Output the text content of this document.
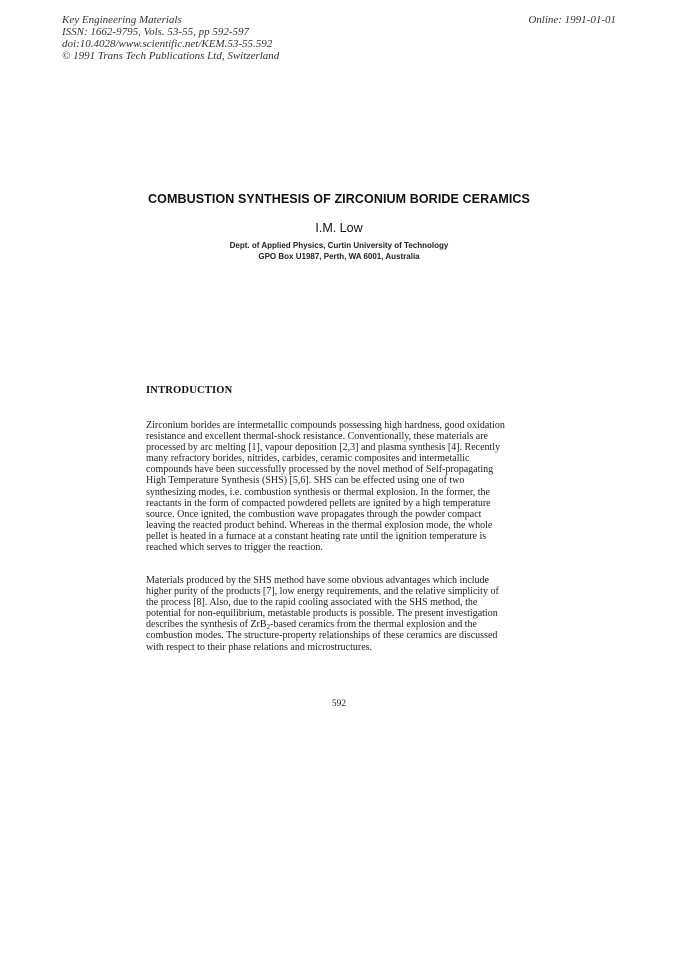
Key Engineering Materials
ISSN: 1662-9795, Vols. 53-55, pp 592-597
doi:10.4028/www.scientific.net/KEM.53-55.592
© 1991 Trans Tech Publications Ltd, Switzerland
Online: 1991-01-01
COMBUSTION SYNTHESIS OF ZIRCONIUM BORIDE CERAMICS
I.M. Low
Dept. of Applied Physics, Curtin University of Technology
GPO Box U1987, Perth, WA 6001, Australia
INTRODUCTION
Zirconium borides are intermetallic compounds possessing high hardness, good oxidation
resistance and excellent thermal-shock resistance. Conventionally, these materials are
processed by arc melting [1], vapour deposition [2,3] and plasma synthesis [4]. Recently
many refractory borides, nitrides, carbides, ceramic composites and intermetallic
compounds have been successfully processed by the novel method of Self-propagating
High Temperature Synthesis (SHS) [5,6]. SHS can be effected using one of two
synthesizing modes, i.e. combustion synthesis or thermal explosion. In the former, the
reactants in the form of compacted powdered pellets are ignited by a high temperature
source. Once ignited, the combustion wave propagates through the powder compact
leaving the reacted product behind. Whereas in the thermal explosion mode, the whole
pellet is heated in a furnace at a constant heating rate until the ignition temperature is
reached which serves to trigger the reaction.
Materials produced by the SHS method have some obvious advantages which include
higher purity of the products [7], low energy requirements, and the relative simplicity of
the process [8]. Also, due to the rapid cooling associated with the SHS method, the
potential for non-equilibrium, metastable products is possible. The present investigation
describes the synthesis of ZrB$_2$-based ceramics from the thermal explosion and the
combustion modes. The structure-property relationships of these ceramics are discussed
with respect to their phase relations and microstructures.
592
